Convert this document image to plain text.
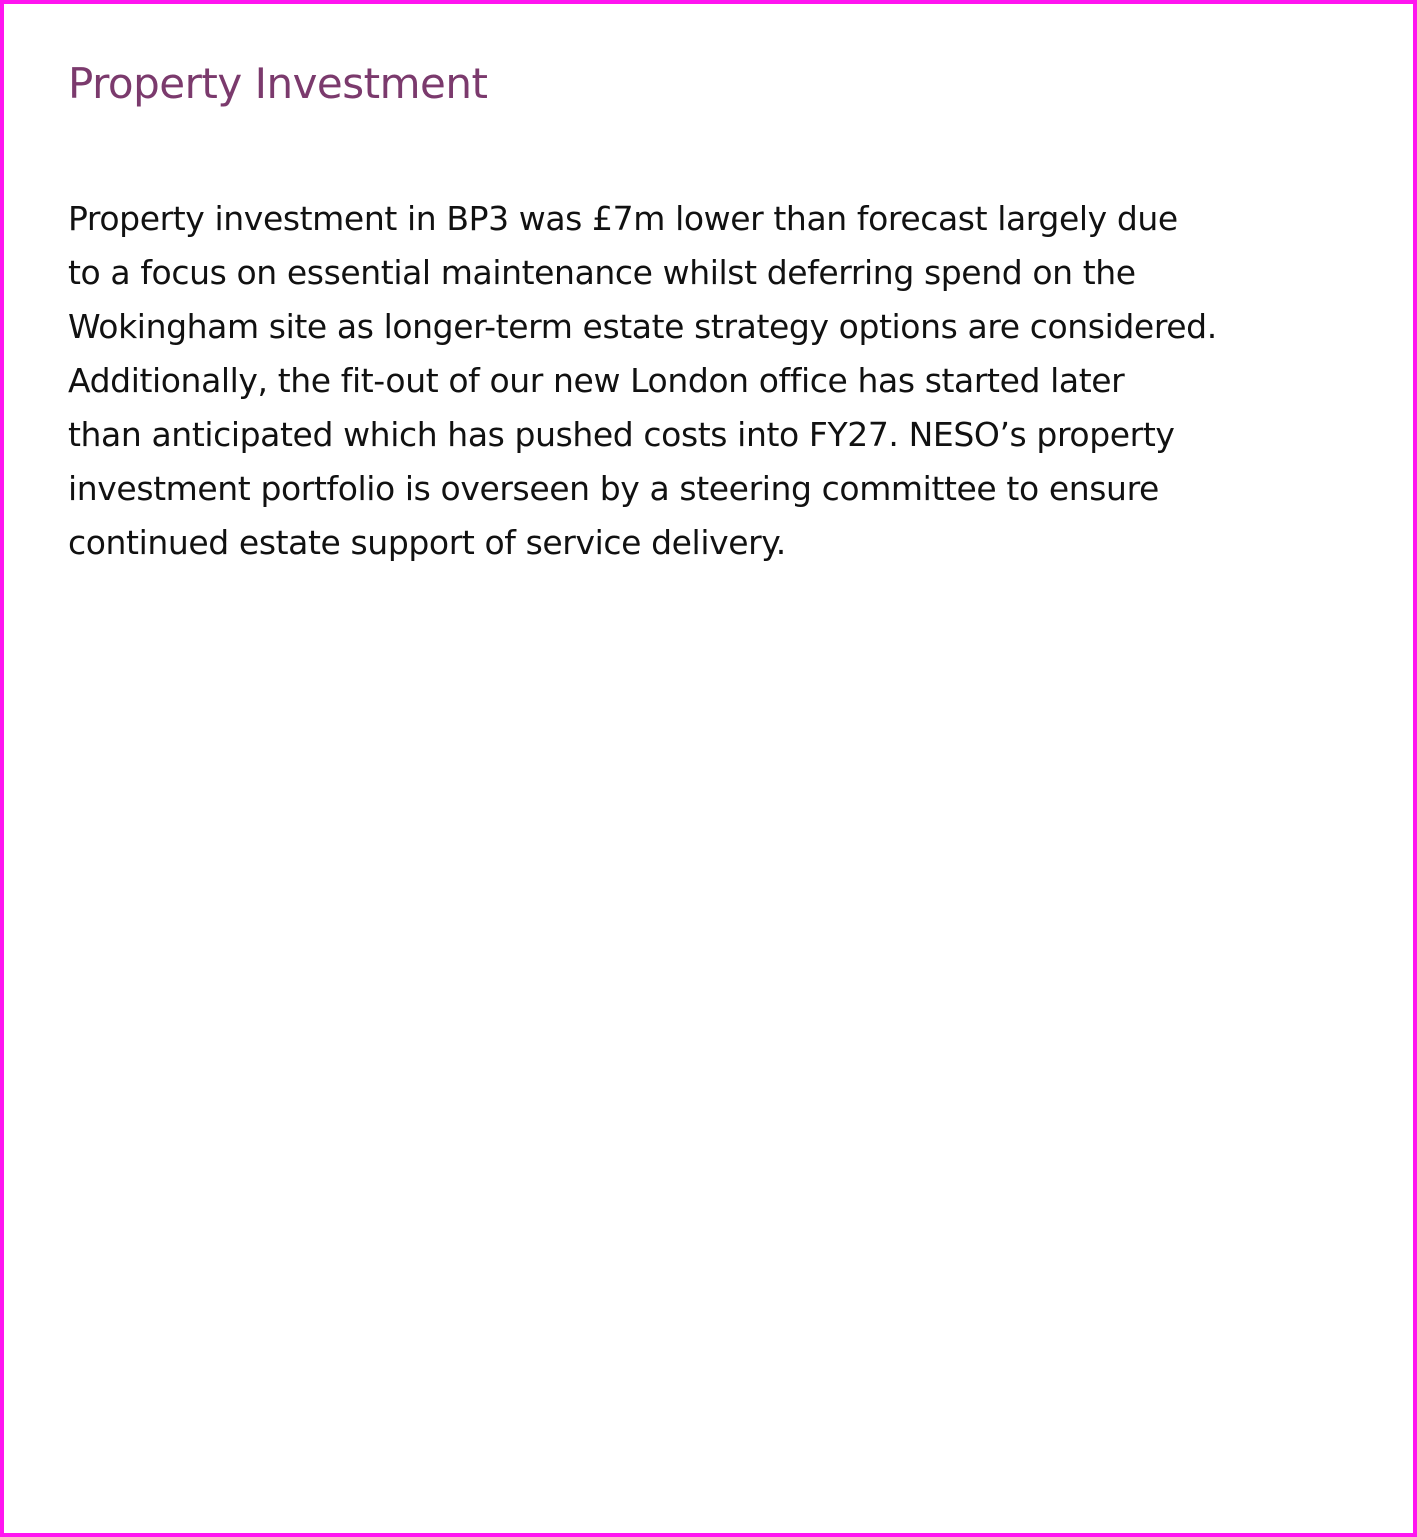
Property Investment

Property investment in BP3 was £7m lower than forecast largely due
to a focus on essential maintenance whilst deferring spend on the
Wokingham site as longer-term estate strategy options are considered.
Additionally, the fit-out of our new London office has started later
than anticipated which has pushed costs into FY27. NESO’s property
investment portfolio is overseen by a steering committee to ensure
continued estate support of service delivery.
